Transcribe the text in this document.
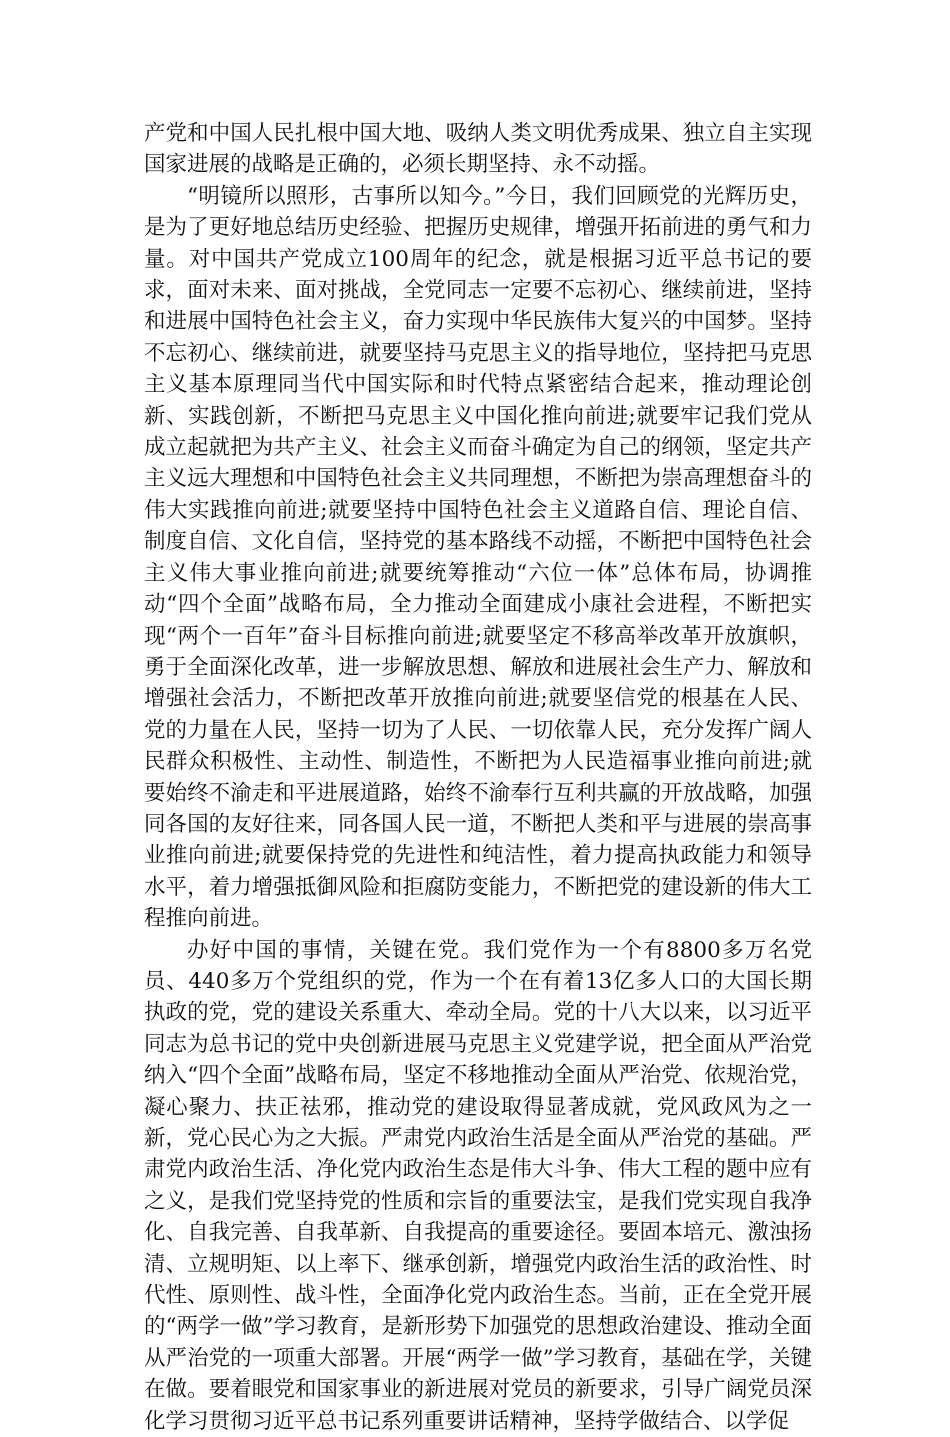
产党和中国人民扎根中国大地、吸纳人类文明优秀成果、独立自主实现国家进展的战略是正确的，必须长期坚持、永不动摇。

“明镜所以照形，古事所以知今。”今日，我们回顾党的光辉历史，是为了更好地总结历史经验、把握历史规律，增强开拓前进的勇气和力量。对中国共产党成立100周年的纪念，就是根据习近平总书记的要求，面对未来、面对挑战，全党同志一定要不忘初心、继续前进，坚持和进展中国特色社会主义，奋力实现中华民族伟大复兴的中国梦。坚持不忘初心、继续前进，就要坚持马克思主义的指导地位，坚持把马克思主义基本原理同当代中国实际和时代特点紧密结合起来，推动理论创新、实践创新，不断把马克思主义中国化推向前进;就要牢记我们党从成立起就把为共产主义、社会主义而奋斗确定为自己的纲领，坚定共产主义远大理想和中国特色社会主义共同理想，不断把为崇高理想奋斗的伟大实践推向前进;就要坚持中国特色社会主义道路自信、理论自信、制度自信、文化自信，坚持党的基本路线不动摇，不断把中国特色社会主义伟大事业推向前进;就要统筹推动“六位一体”总体布局，协调推动“四个全面”战略布局，全力推动全面建成小康社会进程，不断把实现“两个一百年”奋斗目标推向前进;就要坚定不移高举改革开放旗帜，勇于全面深化改革，进一步解放思想、解放和进展社会生产力、解放和增强社会活力，不断把改革开放推向前进;就要坚信党的根基在人民、党的力量在人民，坚持一切为了人民、一切依靠人民，充分发挥广阔人民群众积极性、主动性、制造性，不断把为人民造福事业推向前进;就要始终不渝走和平进展道路，始终不渝奉行互利共赢的开放战略，加强同各国的友好往来，同各国人民一道，不断把人类和平与进展的崇高事业推向前进;就要保持党的先进性和纯洁性，着力提高执政能力和领导水平，着力增强抵御风险和拒腐防变能力，不断把党的建设新的伟大工程推向前进。

办好中国的事情，关键在党。我们党作为一个有8800多万名党员、440多万个党组织的党，作为一个在有着13亿多人口的大国长期执政的党，党的建设关系重大、牵动全局。党的十八大以来，以习近平同志为总书记的党中央创新进展马克思主义党建学说，把全面从严治党纳入“四个全面”战略布局，坚定不移地推动全面从严治党、依规治党，凝心聚力、扶正祛邪，推动党的建设取得显著成就，党风政风为之一新，党心民心为之大振。严肃党内政治生活是全面从严治党的基础。严肃党内政治生活、净化党内政治生态是伟大斗争、伟大工程的题中应有之义，是我们党坚持党的性质和宗旨的重要法宝，是我们党实现自我净化、自我完善、自我革新、自我提高的重要途径。要固本培元、激浊扬清、立规明矩、以上率下、继承创新，增强党内政治生活的政治性、时代性、原则性、战斗性，全面净化党内政治生态。当前，正在全党开展的“两学一做”学习教育，是新形势下加强党的思想政治建设、推动全面从严治党的一项重大部署。开展“两学一做”学习教育，基础在学，关键在做。要着眼党和国家事业的新进展对党员的新要求，引导广阔党员深化学习贯彻习近平总书记系列重要讲话精神，坚持学做结合、以学促
